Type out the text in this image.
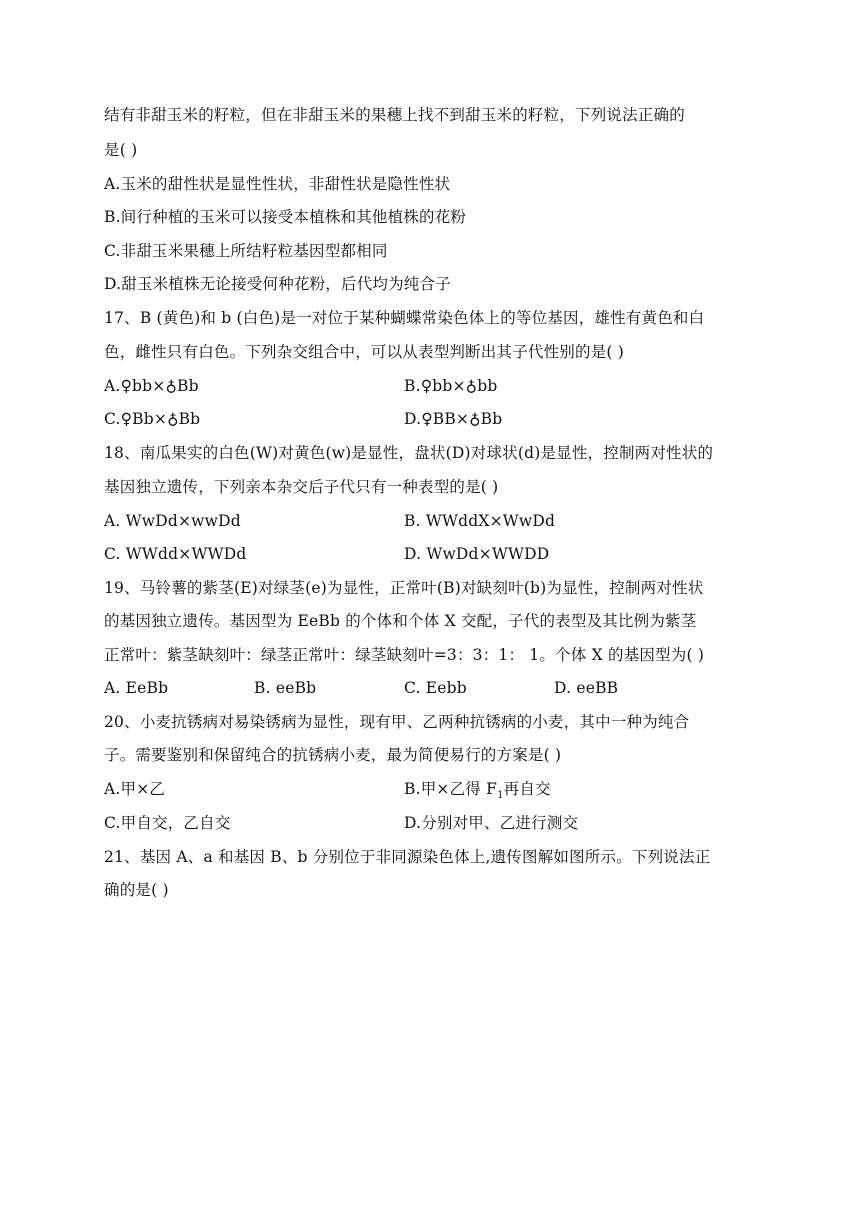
结有非甜玉米的籽粒，但在非甜玉米的果穗上找不到甜玉米的籽粒，下列说法正确的
是( )
A.玉米的甜性状是显性性状，非甜性状是隐性性状
B.间行种植的玉米可以接受本植株和其他植株的花粉
C.非甜玉米果穗上所结籽粒基因型都相同
D.甜玉米植株无论接受何种花粉，后代均为纯合子
17、B (黄色)和 b (白色)是一对位于某种蝴蝶常染色体上的等位基因，雄性有黄色和白
色，雌性只有白色。下列杂交组合中，可以从表型判断出其子代性别的是( )
A.♀bb×♁Bb	B.♀bb×♁bb
C.♀Bb×♁Bb	D.♀BB×♁Bb
18、南瓜果实的白色(W)对黄色(w)是显性，盘状(D)对球状(d)是显性，控制两对性状的
基因独立遗传，下列亲本杂交后子代只有一种表型的是( )
A. WwDd×wwDd	B. WWddX×WwDd
C. WWdd×WWDd	D. WwDd×WWDD
19、马铃薯的紫茎(E)对绿茎(e)为显性，正常叶(B)对缺刻叶(b)为显性，控制两对性状
的基因独立遗传。基因型为 EeBb 的个体和个体 X 交配，子代的表型及其比例为紫茎
正常叶：紫茎缺刻叶：绿茎正常叶：绿茎缺刻叶=3：3：1： 1。个体 X 的基因型为( )
A. EeBb	B. eeBb	C. Eebb	D. eeBB
20、小麦抗锈病对易染锈病为显性，现有甲、乙两种抗锈病的小麦，其中一种为纯合
子。需要鉴别和保留纯合的抗锈病小麦，最为简便易行的方案是( )
A.甲×乙	B.甲×乙得 $F_1$再自交
C.甲自交，乙自交	D.分别对甲、乙进行测交
21、基因 A、a 和基因 B、b 分别位于非同源染色体上,遗传图解如图所示。下列说法正
确的是( )
